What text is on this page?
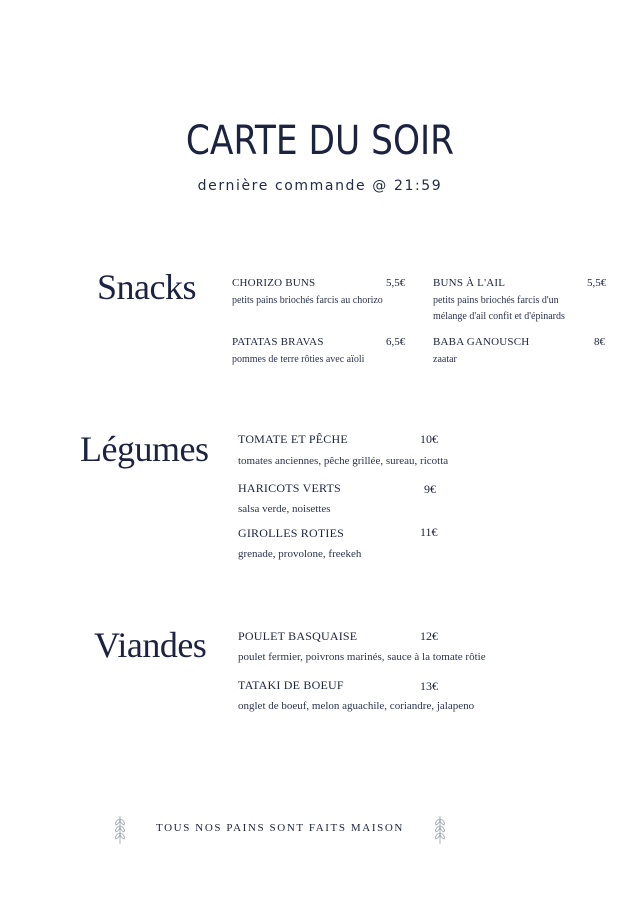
CARTE DU SOIR
dernière commande @ 21:59
Snacks	CHORIZO BUNS	5,5€
petits pains briochés farcis au chorizo
BUNS À L'AIL	5,5€
petits pains briochés farcis d'un mélange d'ail confit et d'épinards
PATATAS BRAVAS	6,5€
pommes de terre rôties avec aïoli
BABA GANOUSCH	8€
zaatar
Légumes TOMATE ET PÊCHE	10€
tomates anciennes, pêche grillée, sureau, ricotta
HARICOTS VERTS	9€
salsa verde, noisettes
GIROLLES ROTIES	11€
grenade, provolone, freekeh
Viandes	POULET BASQUAISE	12€
poulet fermier, poivrons marinés, sauce à la tomate rôtie
TATAKI DE BOEUF	13€
onglet de boeuf, melon aguachile, coriandre, jalapeno
TOUS NOS PAINS SONT FAITS MAISON
